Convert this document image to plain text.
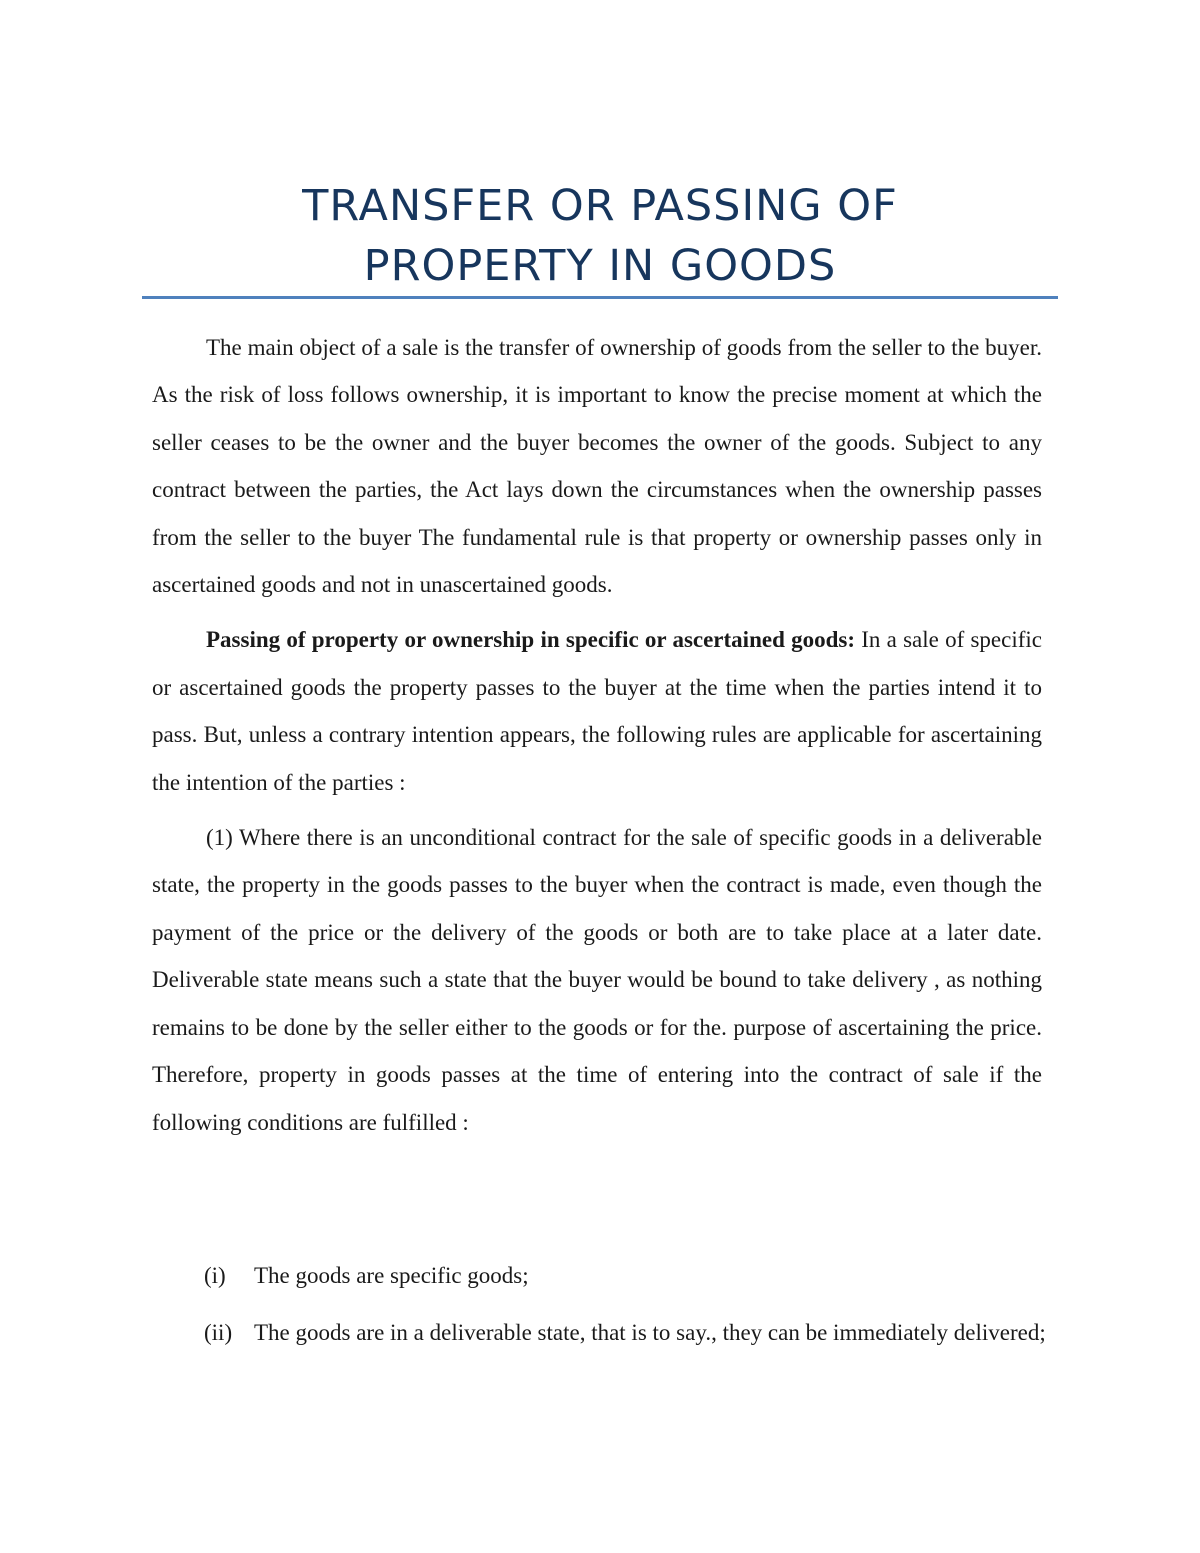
TRANSFER OR PASSING OF
PROPERTY IN GOODS

The main object of a sale is the transfer of ownership of goods from the seller to the buyer. As the risk of loss follows ownership, it is important to know the precise moment at which the seller ceases to be the owner and the buyer becomes the owner of the goods. Subject to any contract between the parties, the Act lays down the circumstances when the ownership passes from the seller to the buyer The fundamental rule is that property or ownership passes only in ascertained goods and not in unascertained goods.

Passing of property or ownership in specific or ascertained goods: In a sale of specific or ascertained goods the property passes to the buyer at the time when the parties intend it to pass. But, unless a contrary intention appears, the following rules are applicable for ascertaining the intention of the parties :

(1) Where there is an unconditional contract for the sale of specific goods in a deliverable state, the property in the goods passes to the buyer when the contract is made, even though the payment of the price or the delivery of the goods or both are to take place at a later date. Deliverable state means such a state that the buyer would be bound to take delivery , as nothing remains to be done by the seller either to the goods or for the. purpose of ascertaining the price. Therefore, property in goods passes at the time of entering into the contract of sale if the following conditions are fulfilled :

(i)	The goods are specific goods;
(ii) The goods are in a deliverable state, that is to say., they can be immediately delivered;
